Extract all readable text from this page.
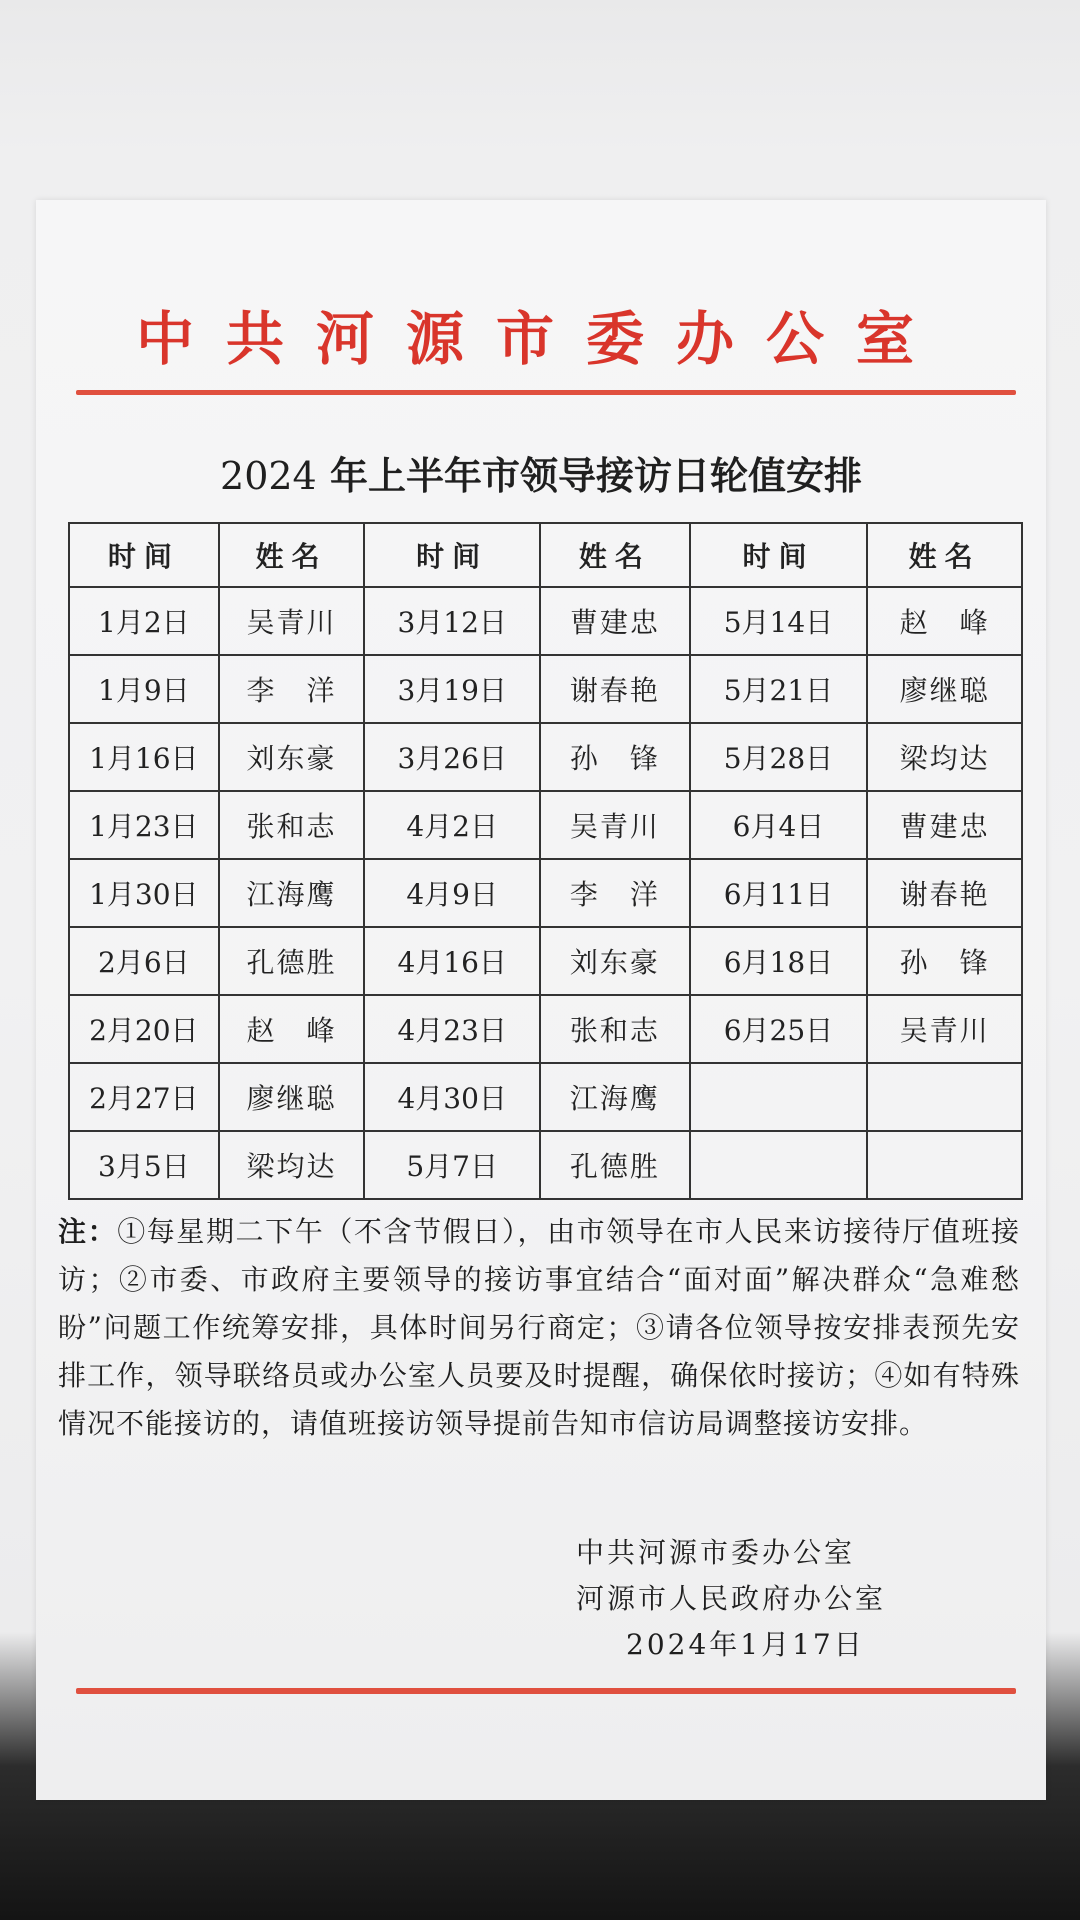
中共河源市委办公室
2024 年上半年市领导接访日轮值安排
时间	姓名	时间	姓名	时间	姓名
1月2日	吴青川	3月12日	曹建忠	5月14日	赵　峰
1月9日	李　洋	3月19日	谢春艳	5月21日	廖继聪
1月16日	刘东豪	3月26日	孙　锋	5月28日	梁均达
1月23日	张和志	4月2日	吴青川	6月4日	曹建忠
1月30日	江海鹰	4月9日	李　洋	6月11日	谢春艳
2月6日	孔德胜	4月16日	刘东豪	6月18日	孙　锋
2月20日	赵　峰	4月23日	张和志	6月25日	吴青川
2月27日	廖继聪	4月30日	江海鹰		
3月5日	梁均达	5月7日	孔德胜		
注：①每星期二下午（不含节假日），由市领导在市人民来访接待厅值班接访；②市委、市政府主要领导的接访事宜结合“面对面”解决群众“急难愁盼”问题工作统筹安排，具体时间另行商定；③请各位领导按安排表预先安排工作，领导联络员或办公室人员要及时提醒，确保依时接访；④如有特殊情况不能接访的，请值班接访领导提前告知市信访局调整接访安排。
中共河源市委办公室
河源市人民政府办公室
2024年1月17日
